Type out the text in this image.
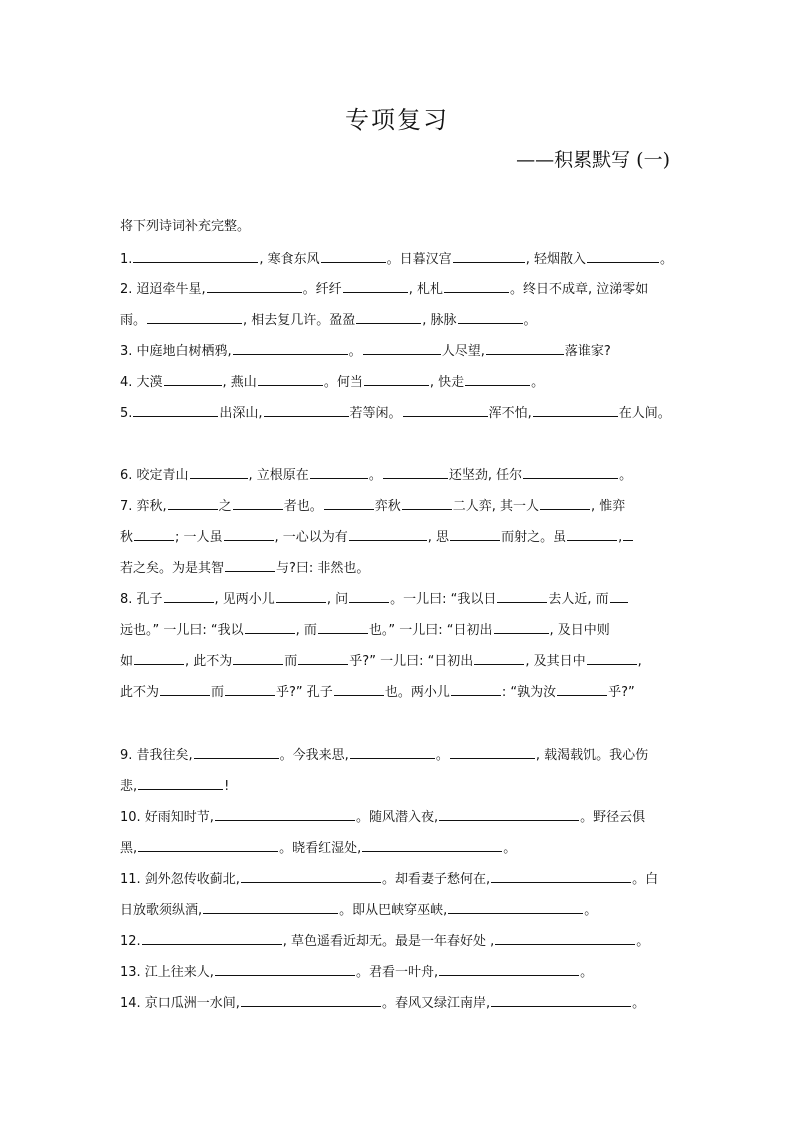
专项复习
——积累默写 (一)
将下列诗词补充完整。
1.	, 寒食东风	。日暮汉宫	, 轻烟散入	。
2. 迢迢牵牛星,	。纤纤	, 札札	。终日不成章, 泣涕零如
雨。	, 相去复几许。盈盈	, 脉脉	。
3. 中庭地白树栖鸦,	。	人尽望,	落谁家?
4. 大漠	, 燕山	。何当	, 快走	。
5.	出深山,	若等闲。	浑不怕,	在人间。
6. 咬定青山	, 立根原在	。	还坚劲, 任尔	。
7. 弈秋,	之	者也。	弈秋	二人弈, 其一人	, 惟弈
秋	; 一人虽	, 一心以为有	, 思	而射之。虽	,
若之矣。为是其智	与?曰: 非然也。
8. 孔子	, 见两小儿	, 问	。一儿曰: “我以日	去人近, 而
远也。” 一儿曰: “我以	, 而	也。” 一儿曰: “日初出	, 及日中则
如	, 此不为	而	乎?” 一儿曰: “日初出	, 及其日中	,
此不为	而	乎?” 孔子	也。两小儿	: “孰为汝	乎?”
9. 昔我往矣,	。今我来思,	。	, 载渴载饥。我心伤
悲,	!
10. 好雨知时节,	。随风潜入夜,	。野径云俱
黑,	。晓看红湿处,	。
11. 剑外忽传收蓟北,	。却看妻子愁何在,	。白
日放歌须纵酒,	。即从巴峡穿巫峡,	。
12.	, 草色遥看近却无。最是一年春好处 ,	。
13. 江上往来人,	。君看一叶舟,	。
14. 京口瓜洲一水间,	。春风又绿江南岸,	。
